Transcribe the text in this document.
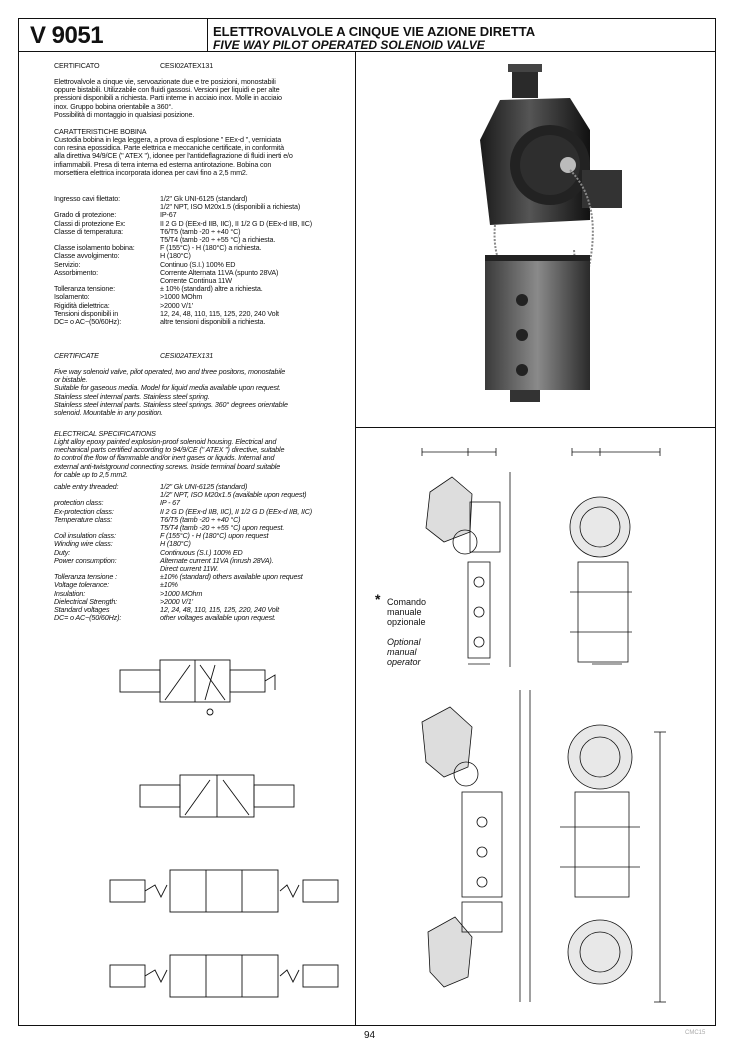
V 9051	ELETTROVALVOLE A CINQUE VIE AZIONE DIRETTA
FIVE WAY PILOT OPERATED SOLENOID VALVE
CERTIFICATO	CESI02ATEX131
Elettrovalvole a cinque vie, servoazionate due e tre posizioni, monostabili
oppure bistabili. Utilizzabile con fluidi gassosi. Versioni per liquidi e per alte
pressioni disponibili a richiesta. Parti interne in acciaio inox. Molle in acciaio
inox. Gruppo bobina orientabile a 360°.
Possibilità di montaggio in qualsiasi posizione.
CARATTERISTICHE BOBINA
Custodia bobina in lega leggera, a prova di esplosione " EEx-d ", verniciata
con resina epossidica. Parte elettrica e meccaniche certificate, in conformità
alla direttiva 94/9/CE (" ATEX "), idonee per l'antideflagrazione di fluidi inerti e/o
infiammabili. Presa di terra interna ed esterna antirotazione. Bobina con
morsettiera elettrica incorporata idonea per cavi fino a 2,5 mm2.
Ingresso cavi filettato:	1/2" Gk UNI-6125 (standard)
1/2" NPT, ISO M20x1.5 (disponibili a richiesta)
Grado di protezione:	IP-67
Classi di protezione Ex:	II 2 G D (EEx-d IIB, IIC), II 1/2 G D (EEx-d IIB, IIC)
Classe di temperatura:	T6/T5 (tamb -20 ÷ +40 °C)
T5/T4 (tamb -20 ÷ +55 °C) a richiesta.
Classe isolamento bobina:	F (155°C) - H (180°C) a richiesta.
Classe avvolgimento:	H (180°C)
Servizio:	Continuo (S.I.) 100% ED
Assorbimento:	Corrente Alternata 11VA (spunto 28VA)
Corrente Continua 11W
Tolleranza tensione:	± 10% (standard) altre a richiesta.
Isolamento:	>1000 MOhm
Rigidità dielettrica:	>2000 V/1'
Tensioni disponibili in	12, 24, 48, 110, 115, 125, 220, 240 Volt
DC= o AC~(50/60Hz):	altre tensioni disponibili a richiesta.
CERTIFICATE	CESI02ATEX131
Five way solenoid valve, pilot operated, two and three positons, monostabile
or bistable.
Suitable for gaseous media. Model for liquid media available upon request.
Stainless steel internal parts. Stainless steel spring.
Stainless steel internal parts. Stainless steel springs. 360° degrees orientable
solenoid. Mountable in any position.
ELECTRICAL SPECIFICATIONS
Light alloy epoxy painted explosion-proof solenoid housing. Electrical and
mechanical parts certified according to 94/9/CE (" ATEX ") directive, suitable
to control the flow of flammable and/or inert gases or liquids. Internal and
external anti-twistground connecting screws. Inside terminal board suitable
for cable up to 2,5 mm2.
cable entry threaded:	1/2" Gk UNI-6125 (standard)
1/2" NPT, ISO M20x1.5 (available upon request)
protection class:	IP - 67
Ex-protection class:	II 2 G D (EEx-d IIB, IIC), II 1/2 G D (EEx-d IIB, IIC)
Temperature class:	T6/T5 (tamb -20 ÷ +40 °C)
T5/T4 (tamb -20 ÷ +55 °C) upon request.
Coil insulation class:	F (155°C) - H (180°C) upon request
Winding wire class:	H (180°C)
Duty:	Continuous (S.I.) 100% ED
Power consumption:	Alternate current 11VA (inrush 28VA).
Direct current 11W.
Tolleranza tensione :	±10% (standard) others available upon request
Voltage tolerance:	±10%
Insulation:	>1000 MOhm
Dielectrical Strength:	>2000 V/1'
Standard voltages	12, 24, 48, 110, 115, 125, 220, 240 Volt
DC= o AC~(50/60Hz):	other voltages available upon request.
* Comando
manuale
opzionale
Optional
manual
operator
94	CMC15
